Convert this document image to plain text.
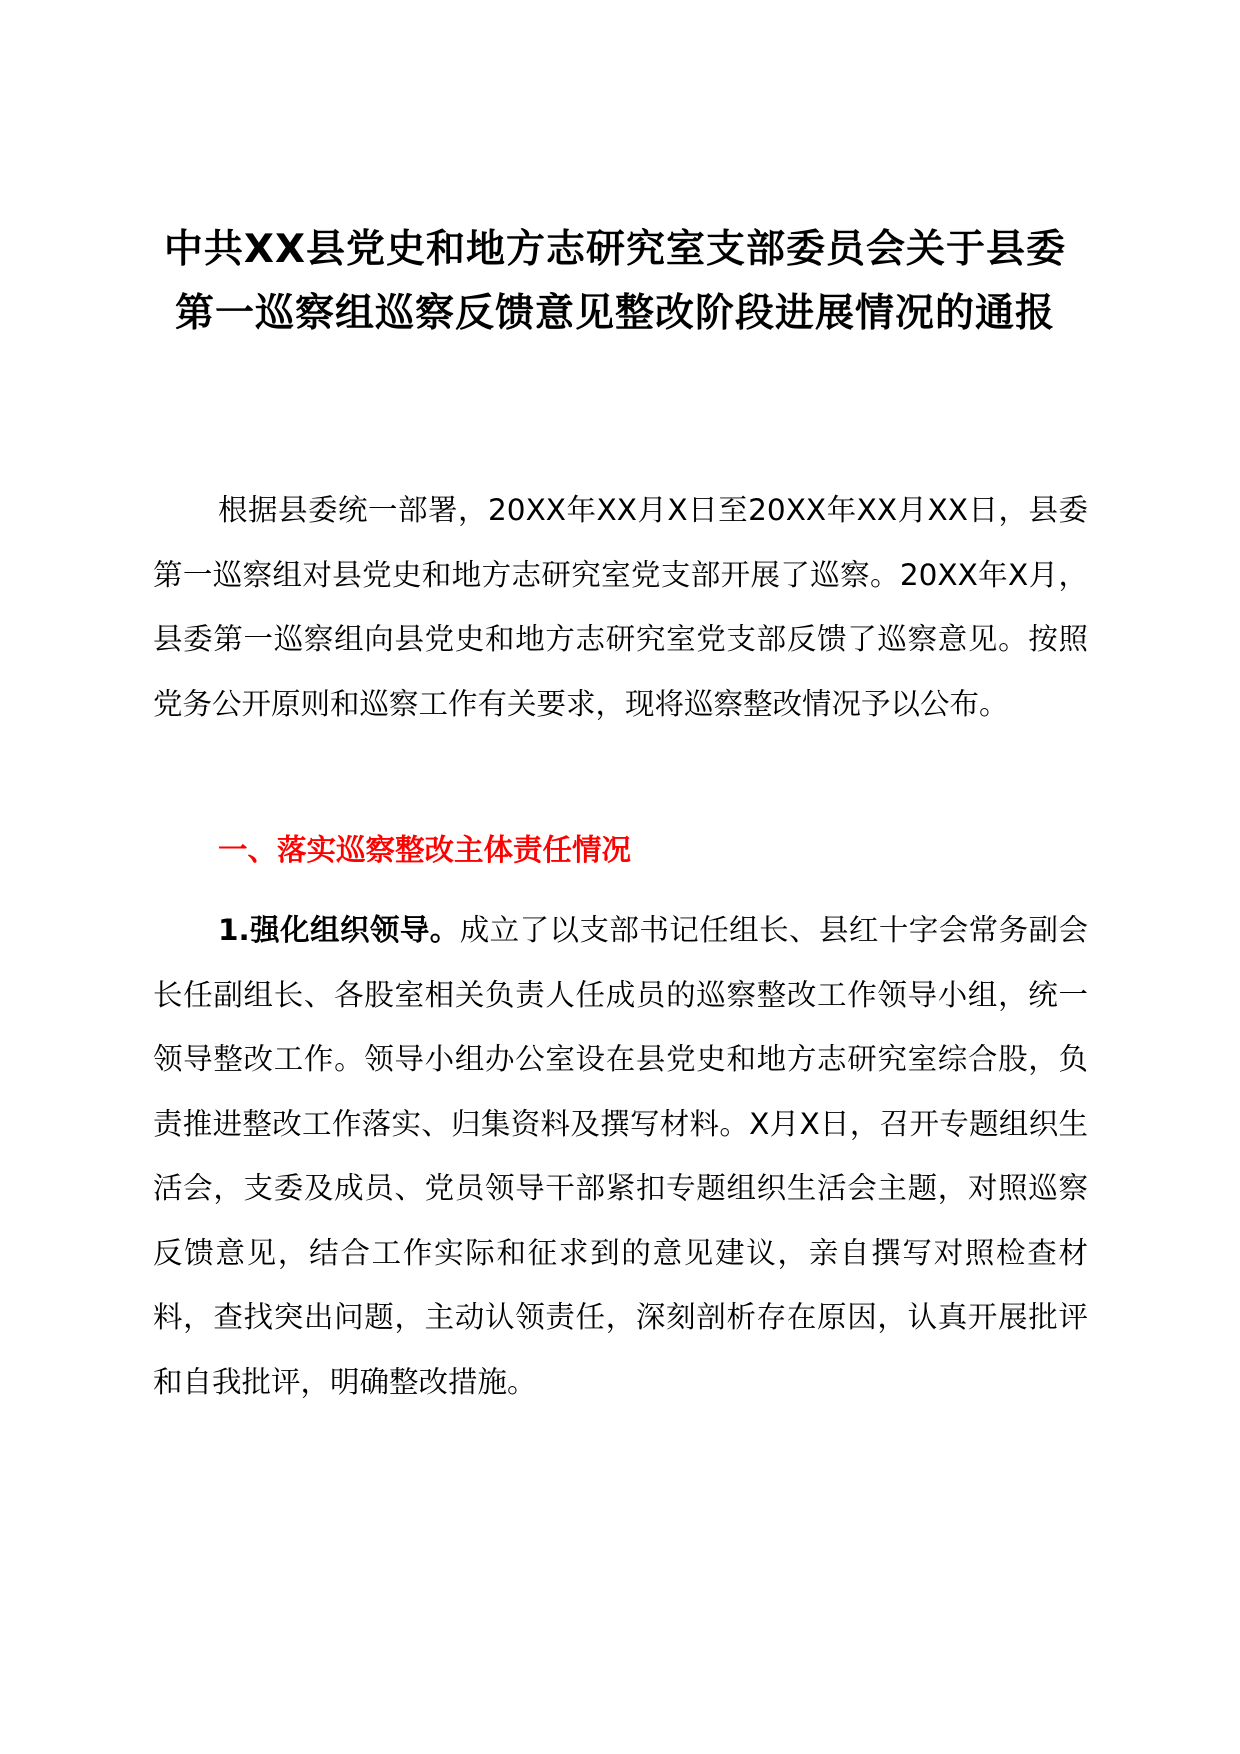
中共XX县党史和地方志研究室支部委员会关于县委第一巡察组巡察反馈意见整改阶段进展情况的通报

根据县委统一部署，20XX年XX月X日至20XX年XX月XX日，县委第一巡察组对县党史和地方志研究室党支部开展了巡察。20XX年X月，县委第一巡察组向县党史和地方志研究室党支部反馈了巡察意见。按照党务公开原则和巡察工作有关要求，现将巡察整改情况予以公布。

一、落实巡察整改主体责任情况

1.强化组织领导。成立了以支部书记任组长、县红十字会常务副会长任副组长、各股室相关负责人任成员的巡察整改工作领导小组，统一领导整改工作。领导小组办公室设在县党史和地方志研究室综合股，负责推进整改工作落实、归集资料及撰写材料。X月X日，召开专题组织生活会，支委及成员、党员领导干部紧扣专题组织生活会主题，对照巡察反馈意见，结合工作实际和征求到的意见建议，亲自撰写对照检查材料，查找突出问题，主动认领责任，深刻剖析存在原因，认真开展批评和自我批评，明确整改措施。
